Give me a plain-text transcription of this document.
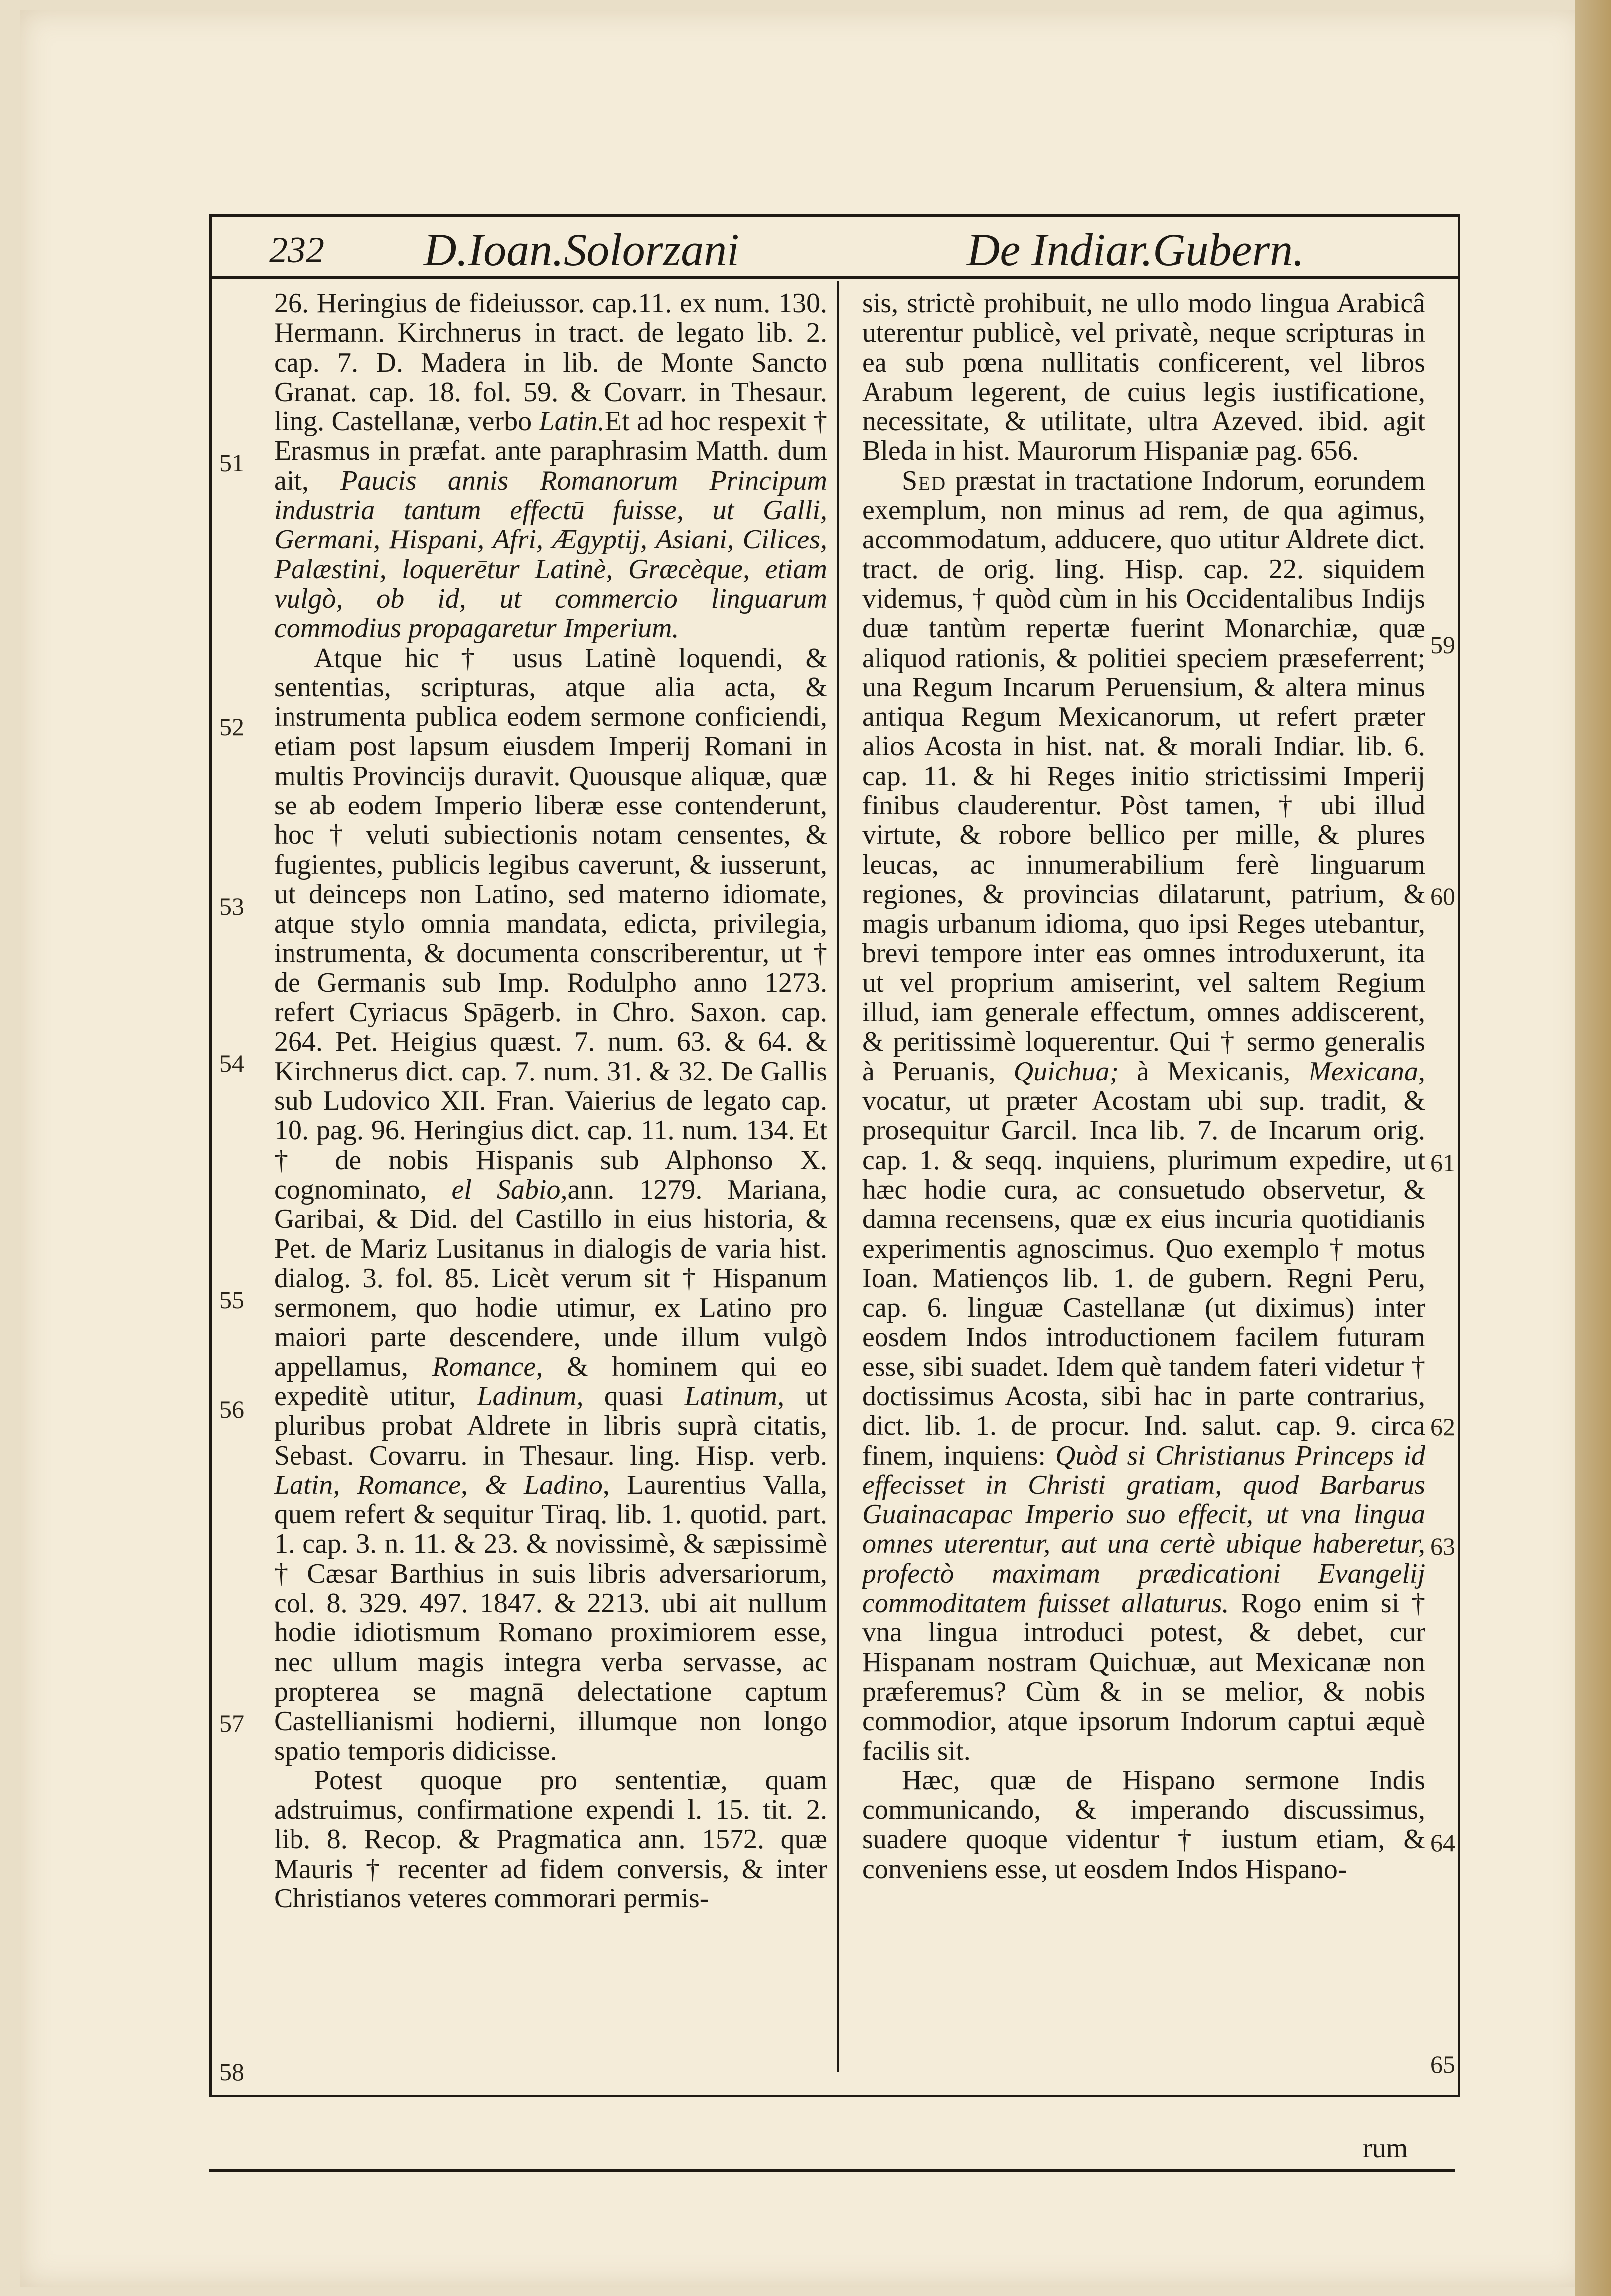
232 D.Ioan.Solorzani	De Indiar.Gubern.

26. Heringius de fideiussor. cap.11. ex num. 130. Hermann. Kirchnerus in tract. de legato lib. 2. cap. 7. D. Madera in lib. de Monte Sancto Granat. cap. 18. fol. 59. & Covarr. in Thesaur. ling. Castellanæ, verbo Latin.Et ad hoc respexit † Erasmus in præfat. ante paraphrasim Matth. dum ait, Paucis annis Romanorum Principum industria tantum effectū fuisse, ut Galli, Germani, Hispani, Afri, Ægyptij, Asiani, Cilices, Palæstini, loquerētur Latinè, Græcèque, etiam vulgò, ob id, ut commercio linguarum commodius propagaretur Imperium.

Atque hic † usus Latinè loquendi, & sententias, scripturas, atque alia acta, & instrumenta publica eodem sermone conficiendi, etiam post lapsum eiusdem Imperij Romani in multis Provincijs duravit. Quousque aliquæ, quæ se ab eodem Imperio liberæ esse contenderunt, hoc † veluti subiectionis notam censentes, & fugientes, publicis legibus caverunt, & iusserunt, ut deinceps non Latino, sed materno idiomate, atque stylo omnia mandata, edicta, privilegia, instrumenta, & documenta conscriberentur, ut † de Germanis sub Imp. Rodulpho anno 1273. refert Cyriacus Spāgerb. in Chro. Saxon. cap. 264. Pet. Heigius quæst. 7. num. 63. & 64. & Kirchnerus dict. cap. 7. num. 31. & 32. De Gallis sub Ludovico XII. Fran. Vaierius de legato cap. 10. pag. 96. Heringius dict. cap. 11. num. 134. Et † de nobis Hispanis sub Alphonso X. cognominato, el Sabio,ann. 1279. Mariana, Garibai, & Did. del Castillo in eius historia, & Pet. de Mariz Lusitanus in dialogis de varia hist. dialog. 3. fol. 85. Licèt verum sit † Hispanum sermonem, quo hodie utimur, ex Latino pro maiori parte descendere, unde illum vulgò appellamus, Romance, & hominem qui eo expeditè utitur, Ladinum, quasi Latinum, ut pluribus probat Aldrete in libris suprà citatis, Sebast. Covarru. in Thesaur. ling. Hisp. verb. Latin, Romance, & Ladino, Laurentius Valla, quem refert & sequitur Tiraq. lib. 1. quotid. part. 1. cap. 3. n. 11. & 23. & novissimè, & sæpissimè † Cæsar Barthius in suis libris adversariorum, col. 8. 329. 497. 1847. & 2213. ubi ait nullum hodie idiotismum Romano proximiorem esse, nec ullum magis integra verba servasse, ac propterea se magnā delectatione captum Castellianismi hodierni, illumque non longo spatio temporis didicisse.

Potest quoque pro sententiæ, quam adstruimus, confirmatione expendi l. 15. tit. 2. lib. 8. Recop. & Pragmatica ann. 1572. quæ Mauris † recenter ad fidem conversis, & inter Christianos veteres commorari permis-

sis, strictè prohibuit, ne ullo modo lingua Arabicâ uterentur publicè, vel privatè, neque scripturas in ea sub pœna nullitatis conficerent, vel libros Arabum legerent, de cuius legis iustificatione, necessitate, & utilitate, ultra Azeved. ibid. agit Bleda in hist. Maurorum Hispaniæ pag. 656.

Sed præstat in tractatione Indorum, eorundem exemplum, non minus ad rem, de qua agimus, accommodatum, adducere, quo utitur Aldrete dict. tract. de orig. ling. Hisp. cap. 22. siquidem videmus, † quòd cùm in his Occidentalibus Indijs duæ tantùm repertæ fuerint Monarchiæ, quæ aliquod rationis, & politiei speciem præseferrent; una Regum Incarum Peruensium, & altera minus antiqua Regum Mexicanorum, ut refert præter alios Acosta in hist. nat. & morali Indiar. lib. 6. cap. 11. & hi Reges initio strictissimi Imperij finibus clauderentur. Pòst tamen, † ubi illud virtute, & robore bellico per mille, & plures leucas, ac innumerabilium ferè linguarum regiones, & provincias dilatarunt, patrium, & magis urbanum idioma, quo ipsi Reges utebantur, brevi tempore inter eas omnes introduxerunt, ita ut vel proprium amiserint, vel saltem Regium illud, iam generale effectum, omnes addiscerent, & peritissimè loquerentur. Qui † sermo generalis à Peruanis, Quichua; à Mexicanis, Mexicana, vocatur, ut præter Acostam ubi sup. tradit, & prosequitur Garcil. Inca lib. 7. de Incarum orig. cap. 1. & seqq. inquiens, plurimum expedire, ut hæc hodie cura, ac consuetudo observetur, & damna recensens, quæ ex eius incuria quotidianis experimentis agnoscimus. Quo exemplo † motus Ioan. Matienços lib. 1. de gubern. Regni Peru, cap. 6. linguæ Castellanæ (ut diximus) inter eosdem Indos introductionem facilem futuram esse, sibi suadet. Idem què tandem fateri videtur † doctissimus Acosta, sibi hac in parte contrarius, dict. lib. 1. de procur. Ind. salut. cap. 9. circa finem, inquiens: Quòd si Christianus Princeps id effecisset in Christi gratiam, quod Barbarus Guainacapac Imperio suo effecit, ut vna lingua omnes uterentur, aut una certè ubique haberetur, profectò maximam prædicationi Evangelij commoditatem fuisset allaturus. Rogo enim si † vna lingua introduci potest, & debet, cur Hispanam nostram Quichuæ, aut Mexicanæ non præferemus? Cùm & in se melior, & nobis commodior, atque ipsorum Indorum captui æquè facilis sit.

Hæc, quæ de Hispano sermone Indis communicando, & imperando discussimus, suadere quoque videntur † iustum etiam, & conveniens esse, ut eosdem Indos Hispano-

51
52
53
54
55
56
57
58
59
60
61
62
63
64
65
rum
